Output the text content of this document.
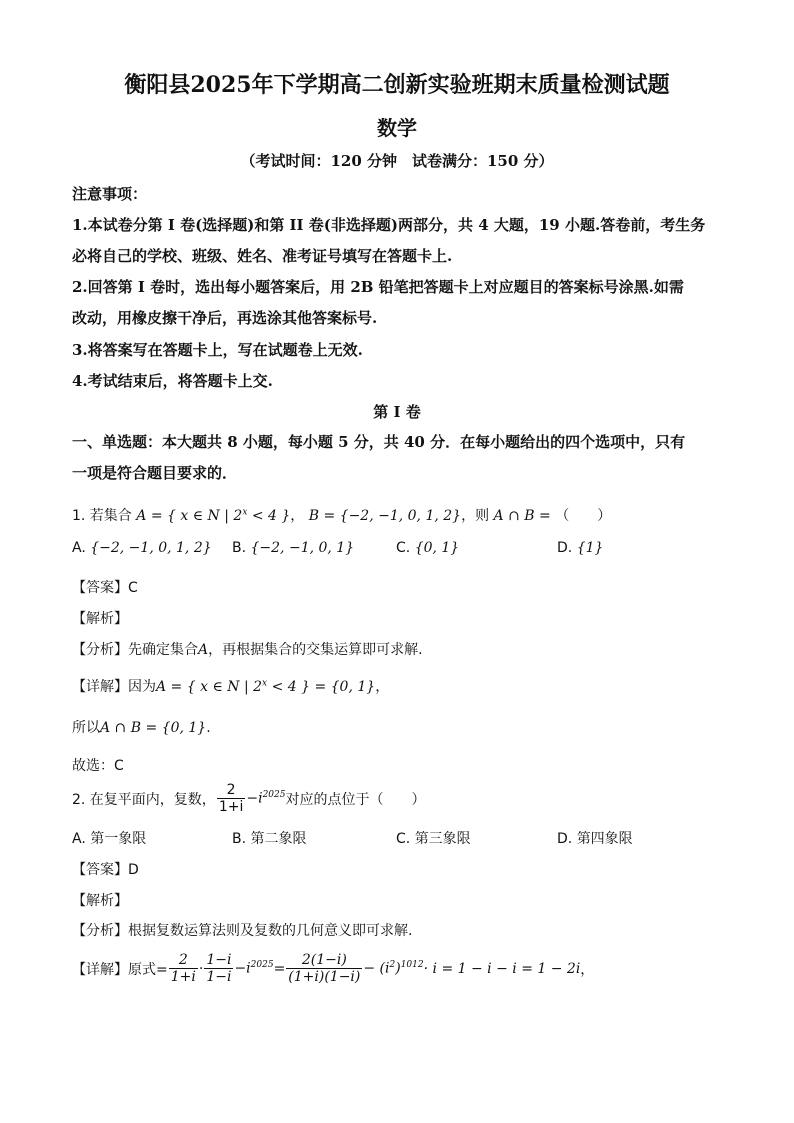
衡阳县2025年下学期高二创新实验班期末质量检测试题
数学
（考试时间：120 分钟　试卷满分：150 分）
注意事项：
1.本试卷分第 I 卷(选择题)和第 II 卷(非选择题)两部分，共 4 大题，19 小题.答卷前，考生务
必将自己的学校、班级、姓名、准考证号填写在答题卡上.
2.回答第 I 卷时，选出每小题答案后，用 2B 铅笔把答题卡上对应题目的答案标号涂黑.如需
改动，用橡皮擦干净后，再选涂其他答案标号.
3.将答案写在答题卡上，写在试题卷上无效.
4.考试结束后，将答题卡上交.
第 I 卷
一、单选题：本大题共 8 小题，每小题 5 分，共 40 分．在每小题给出的四个选项中，只有
一项是符合题目要求的．
1. 若集合 A = { x ∈ N | $2^x < 4$ }， B = {−2, −1, 0, 1, 2}，则 A ∩ B = （　　）
A. {−2, −1, 0, 1, 2} B. {−2, −1, 0, 1}	C. {0, 1}	D. {1}
【答案】C
【解析】
【分析】先确定集合A，再根据集合的交集运算即可求解.
【详解】因为A = { x ∈ N | $2^x < 4$ } = {0, 1}，
所以A ∩ B = {0, 1}.
故选：C
2. 在复平面内，复数， $\frac{2}{1+i} -i^{2025}$ 对应的点位于（　　）
A. 第一象限	B. 第二象限	C. 第三象限	D. 第四象限
【答案】D
【解析】
【分析】根据复数运算法则及复数的几何意义即可求解.
【详解】 原式= $\frac{2}{1+i} \cdot \frac{1-i}{1-i} -i^{2025} = \frac{2(1-i)}{(1+i)(1-i)} - (i^2)^{1012} \cdot i = 1 - i - i = 1 - 2i$ ，
